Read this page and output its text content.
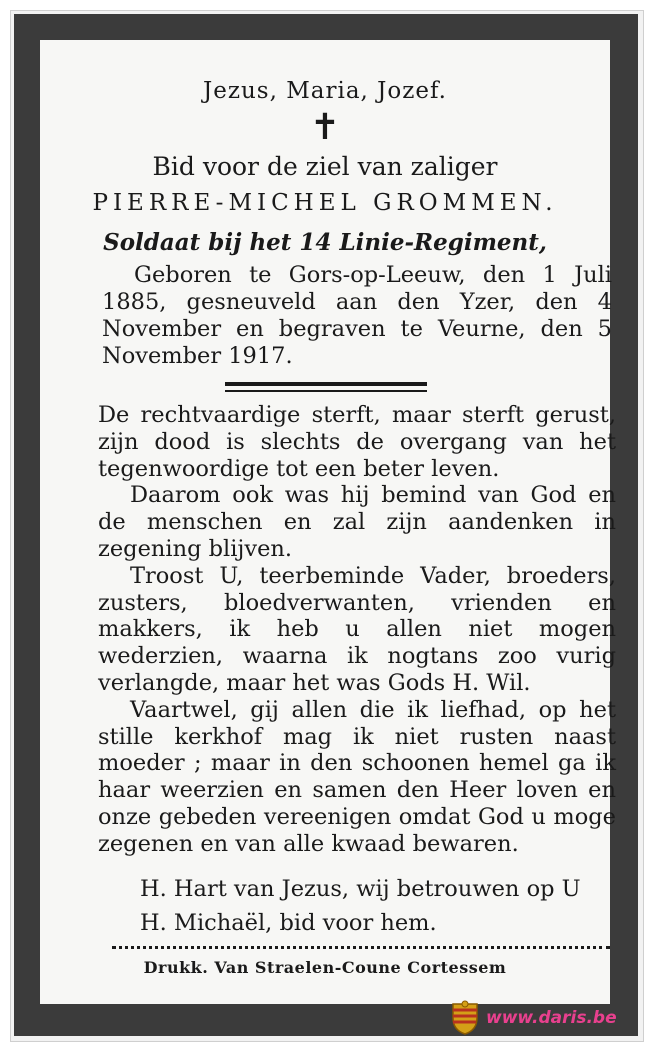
Jezus, Maria, Jozef.
✝
Bid voor de ziel van zaliger
PIERRE-MICHEL GROMMEN.
Soldaat bij het 14 Linie-Regiment,

Geboren te Gors-op-Leeuw, den 1 Juli 1885, gesneuveld aan den Yzer, den 4 November en begraven te Veurne, den 5 November 1917.

De rechtvaardige sterft, maar sterft gerust, zijn dood is slechts de overgang van het tegenwoordige tot een beter leven.

Daarom ook was hij bemind van God en de menschen en zal zijn aandenken in zegening blijven.

Troost U, teerbeminde Vader, broeders, zusters, bloedverwanten, vrienden en makkers, ik heb u allen niet mogen wederzien, waarna ik nogtans zoo vurig verlangde, maar het was Gods H. Wil.

Vaartwel, gij allen die ik liefhad, op het stille kerkhof mag ik niet rusten naast moeder ; maar in den schoonen hemel ga ik haar weerzien en samen den Heer loven en onze gebeden vereenigen omdat God u moge zegenen en van alle kwaad bewaren.

H. Hart van Jezus, wij betrouwen op U
H. Michaël, bid voor hem.
Drukk. Van Straelen-Coune Cortessem
www.daris.be
